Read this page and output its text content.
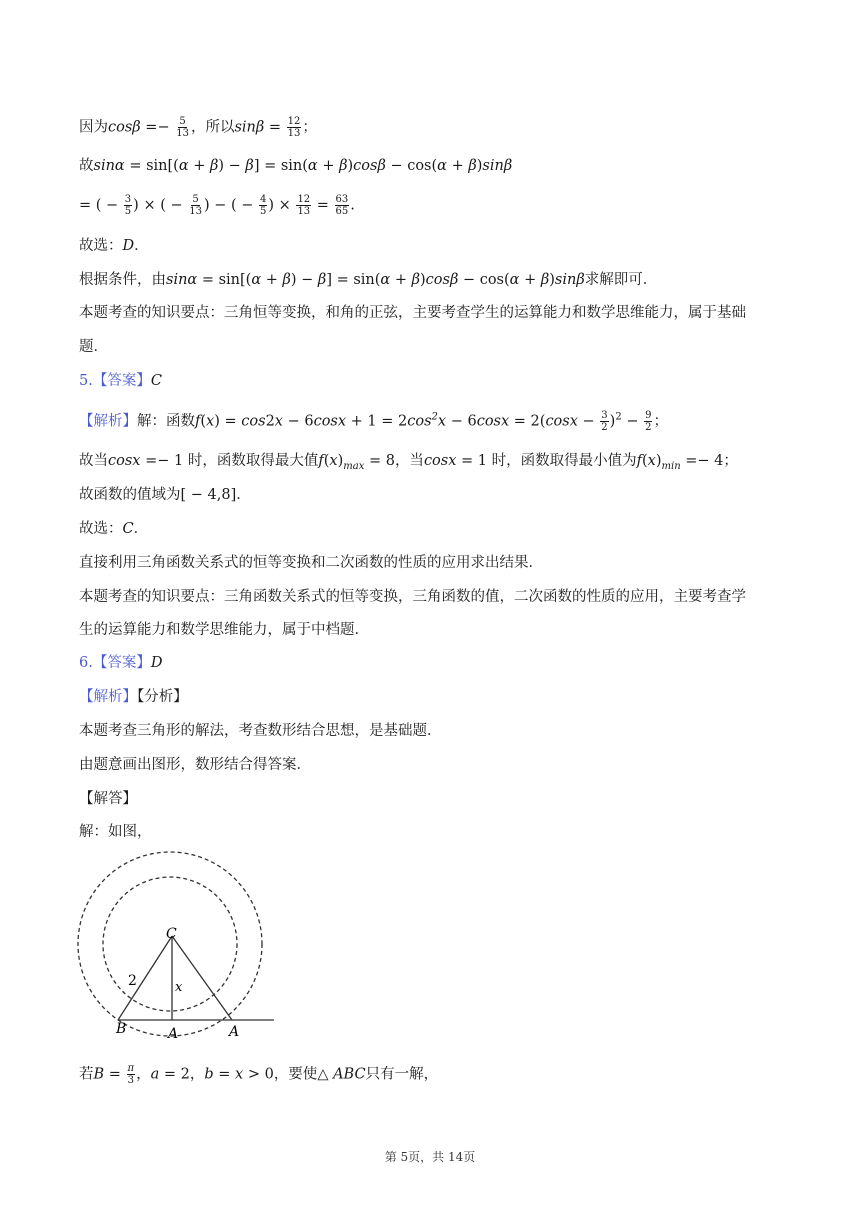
因为$\cos\beta =- \frac{5}{13}$ ，所以$\sin\beta = \frac{12}{13}$ ；
故sinα = sin[(α + β) − β] = sin(α + β)cosβ − cos(α + β)sinβ
= ( − $\frac{3}{5}$ ) × ( − $\frac{5}{13}$ ) − ( − $\frac{4}{5}$ ) × $\frac{12}{13} = \frac{63}{65}$ .
故选：D．
根据条件，由sinα = sin[(α + β) − β] = sin(α + β)cosβ − cos(α + β)sinβ求解即可．
本题考查的知识要点：三角恒等变换，和角的正弦，主要考查学生的运算能力和数学思维能力，属于基础
题．
5.【答案】C
【解析】解：函数$f(x) = \cos 2x - 6\cos x + 1 = 2\cos^2x - 6\cos x = 2(\cos x - \frac{3}{2} )^2 - \frac{9}{2}$ ；
故当cosx =− 1 时，函数取得最大值$f(x)_{max} = 8$，当cosx = 1 时，函数取得最小值为$f(x)_{min} =- 4$；
故函数的值域为[ − 4,8]．
故选：C．
直接利用三角函数关系式的恒等变换和二次函数的性质的应用求出结果．
本题考查的知识要点：三角函数关系式的恒等变换，三角函数的值，二次函数的性质的应用，主要考查学
生的运算能力和数学思维能力，属于中档题．
6.【答案】D
【解析】【分析】
本题考查三角形的解法，考查数形结合思想，是基础题．
由题意画出图形，数形结合得答案．
【解答】
解：如图，
C
B	A	A
2	x
若$B = \frac{\pi}{3}$ ，a = 2，b = x > 0，要使△ ABC只有一解，
第 5页，共 14页
